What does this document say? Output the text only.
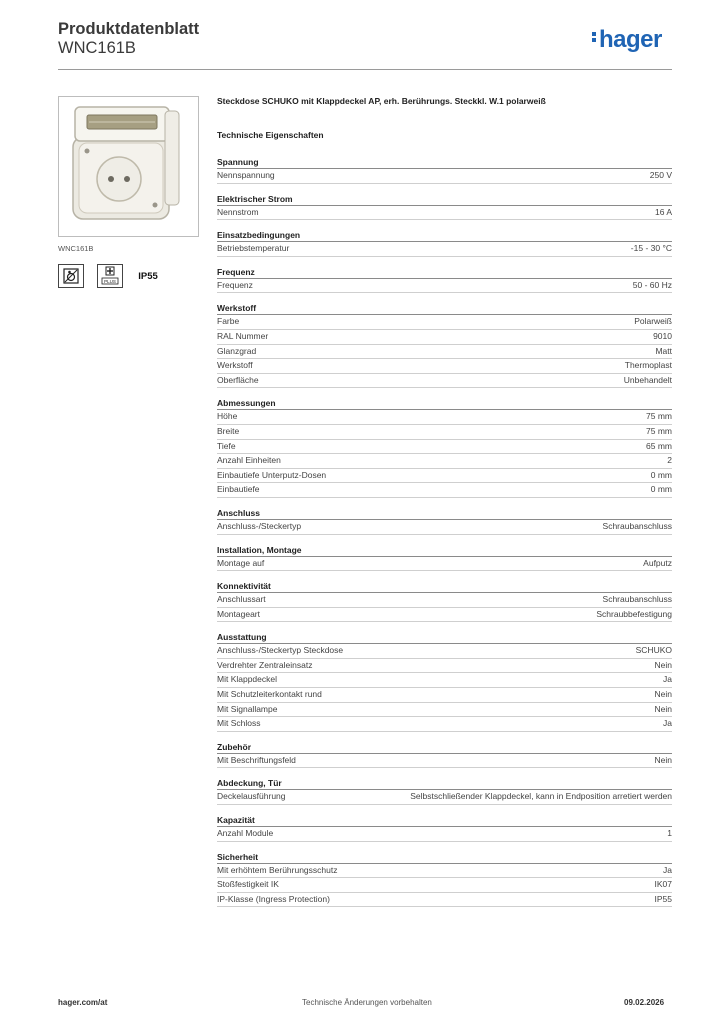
Produktdatenblatt
WNC161B	hager
WNC161B
PLUS	IP55
Steckdose SCHUKO mit Klappdeckel AP, erh. Berührungs. Steckkl. W.1 polarweiß
Technische Eigenschaften
Spannung
Nennspannung	250 V
Elektrischer Strom
Nennstrom	16 A
Einsatzbedingungen
Betriebstemperatur	-15 - 30 °C
Frequenz
Frequenz	50 - 60 Hz
Werkstoff
Farbe	Polarweiß
RAL Nummer	9010
Glanzgrad	Matt
Werkstoff	Thermoplast
Oberfläche	Unbehandelt
Abmessungen
Höhe	75 mm
Breite	75 mm
Tiefe	65 mm
Anzahl Einheiten	2
Einbautiefe Unterputz-Dosen	0 mm
Einbautiefe	0 mm
Anschluss
Anschluss-/Steckertyp	Schraubanschluss
Installation, Montage
Montage auf	Aufputz
Konnektivität
Anschlussart	Schraubanschluss
Montageart	Schraubbefestigung
Ausstattung
Anschluss-/Steckertyp Steckdose	SCHUKO
Verdrehter Zentraleinsatz	Nein
Mit Klappdeckel	Ja
Mit Schutzleiterkontakt rund	Nein
Mit Signallampe	Nein
Mit Schloss	Ja
Zubehör
Mit Beschriftungsfeld	Nein
Abdeckung, Tür
Deckelausführung	Selbstschließender Klappdeckel, kann in Endposition arretiert werden
Kapazität
Anzahl Module	1
Sicherheit
Mit erhöhtem Berührungsschutz	Ja
Stoßfestigkeit IK	IK07
IP-Klasse (Ingress Protection)	IP55
hager.com/at	Technische Änderungen vorbehalten	09.02.2026
